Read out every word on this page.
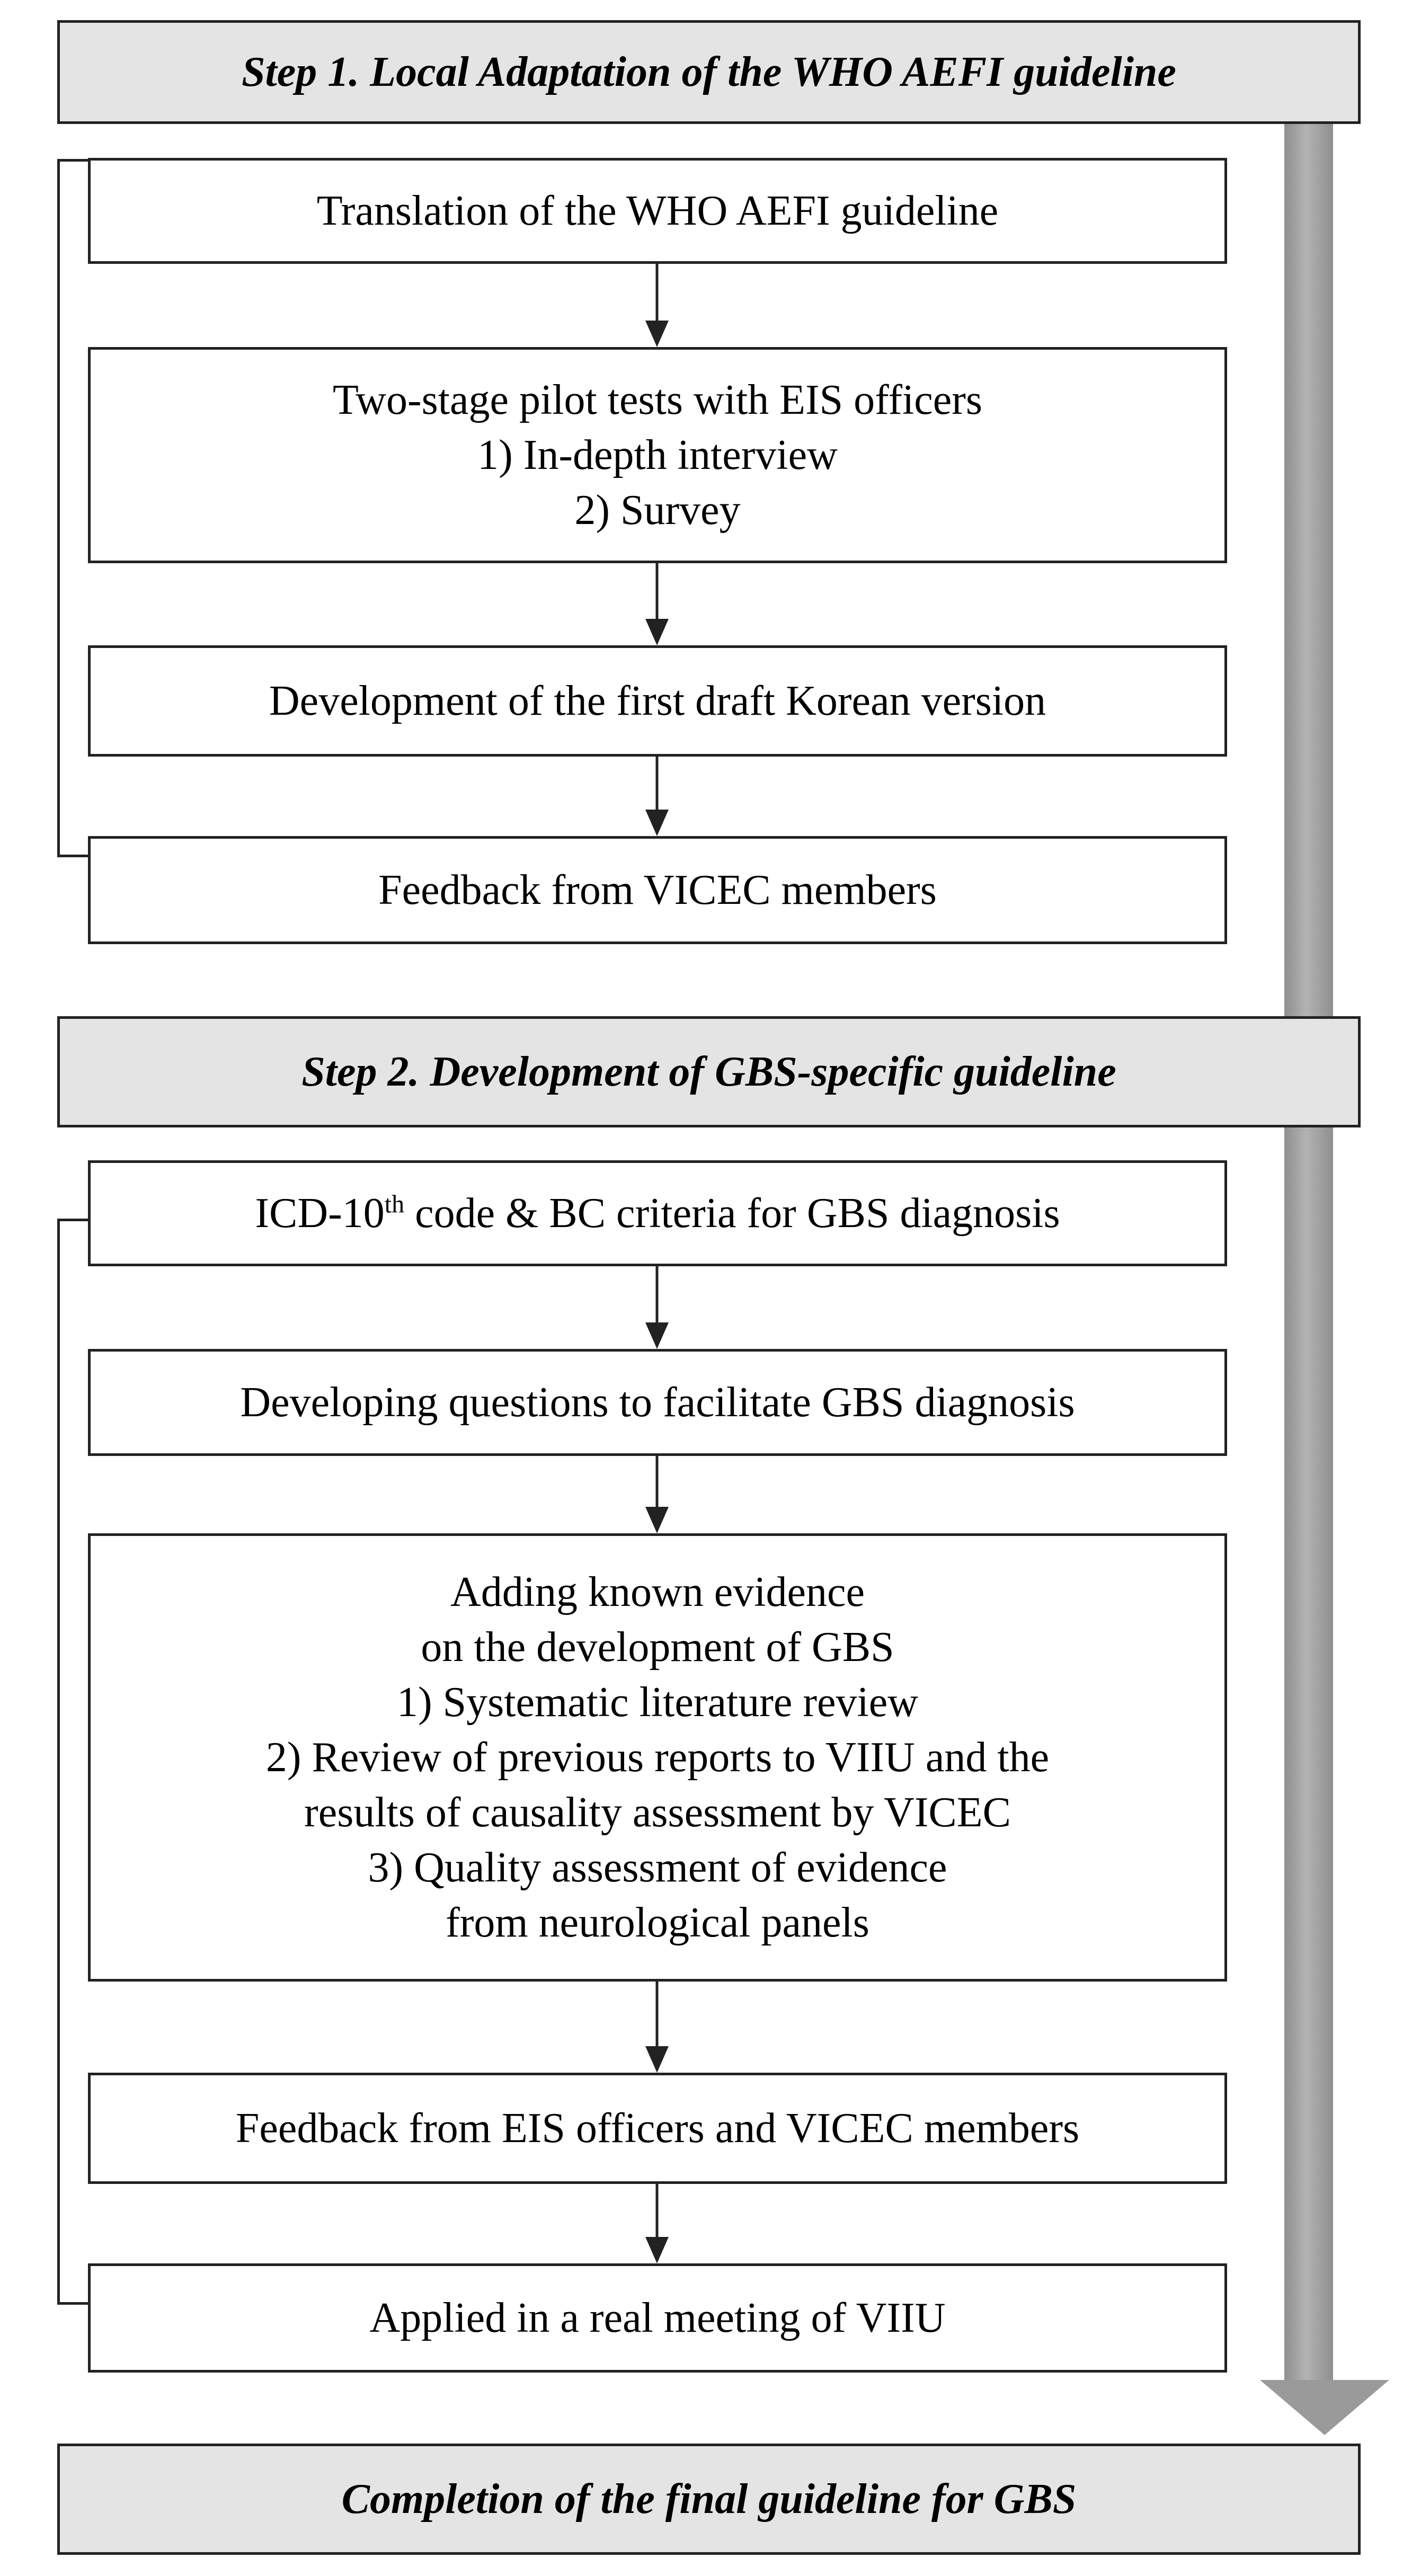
Step 1. Local Adaptation of the WHO AEFI guideline
Translation of the WHO AEFI guideline
Two-stage pilot tests with EIS officers
1) In-depth interview
2) Survey
Development of the first draft Korean version
Feedback from VICEC members
Step 2. Development of GBS-specific guideline
ICD-10th code & BC criteria for GBS diagnosis
Developing questions to facilitate GBS diagnosis
Adding known evidence
on the development of GBS
1) Systematic literature review
2) Review of previous reports to VIIU and the
results of causality assessment by VICEC
3) Quality assessment of evidence
from neurological panels
Feedback from EIS officers and VICEC members
Applied in a real meeting of VIIU
Completion of the final guideline for GBS
